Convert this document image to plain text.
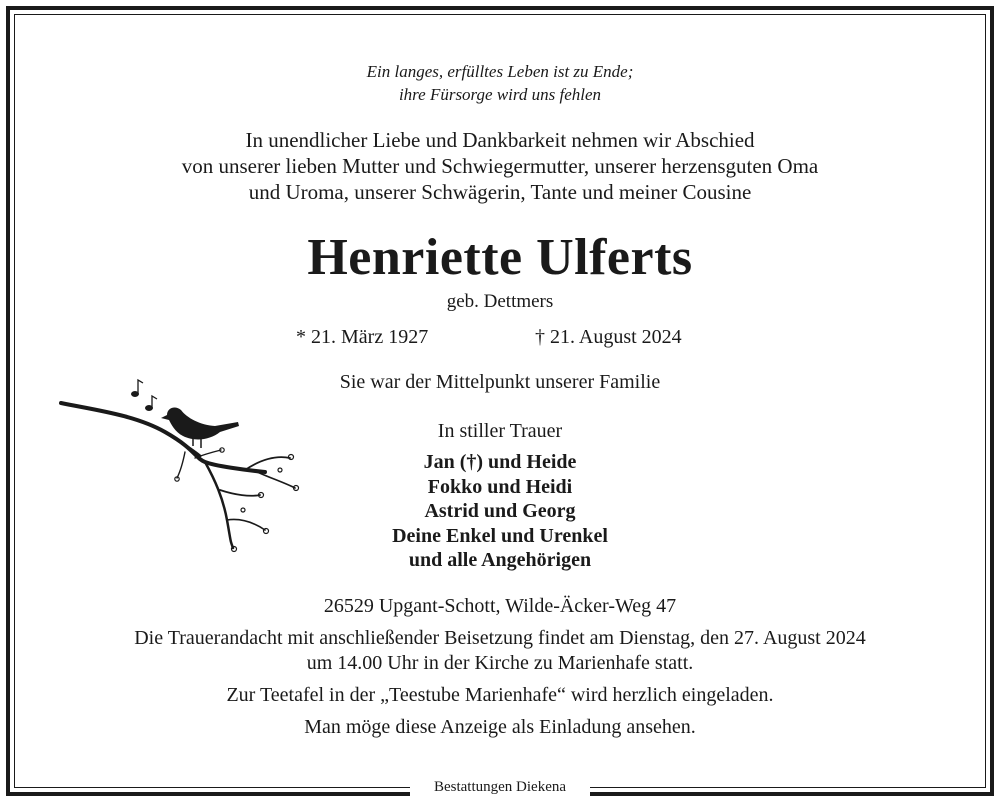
Ein langes, erfülltes Leben ist zu Ende;
ihre Fürsorge wird uns fehlen
In unendlicher Liebe und Dankbarkeit nehmen wir Abschied
von unserer lieben Mutter und Schwiegermutter, unserer herzensguten Oma
und Uroma, unserer Schwägerin, Tante und meiner Cousine
Henriette Ulferts
geb. Dettmers
* 21. März 1927	† 21. August 2024
Sie war der Mittelpunkt unserer Familie
In stiller Trauer
Jan (†) und Heide
Fokko und Heidi
Astrid und Georg
Deine Enkel und Urenkel
und alle Angehörigen
26529 Upgant-Schott, Wilde-Äcker-Weg 47
Die Trauerandacht mit anschließender Beisetzung findet am Dienstag, den 27. August 2024
um 14.00 Uhr in der Kirche zu Marienhafe statt.
Zur Teetafel in der „Teestube Marienhafe“ wird herzlich eingeladen.
Man möge diese Anzeige als Einladung ansehen.
Bestattungen Diekena
